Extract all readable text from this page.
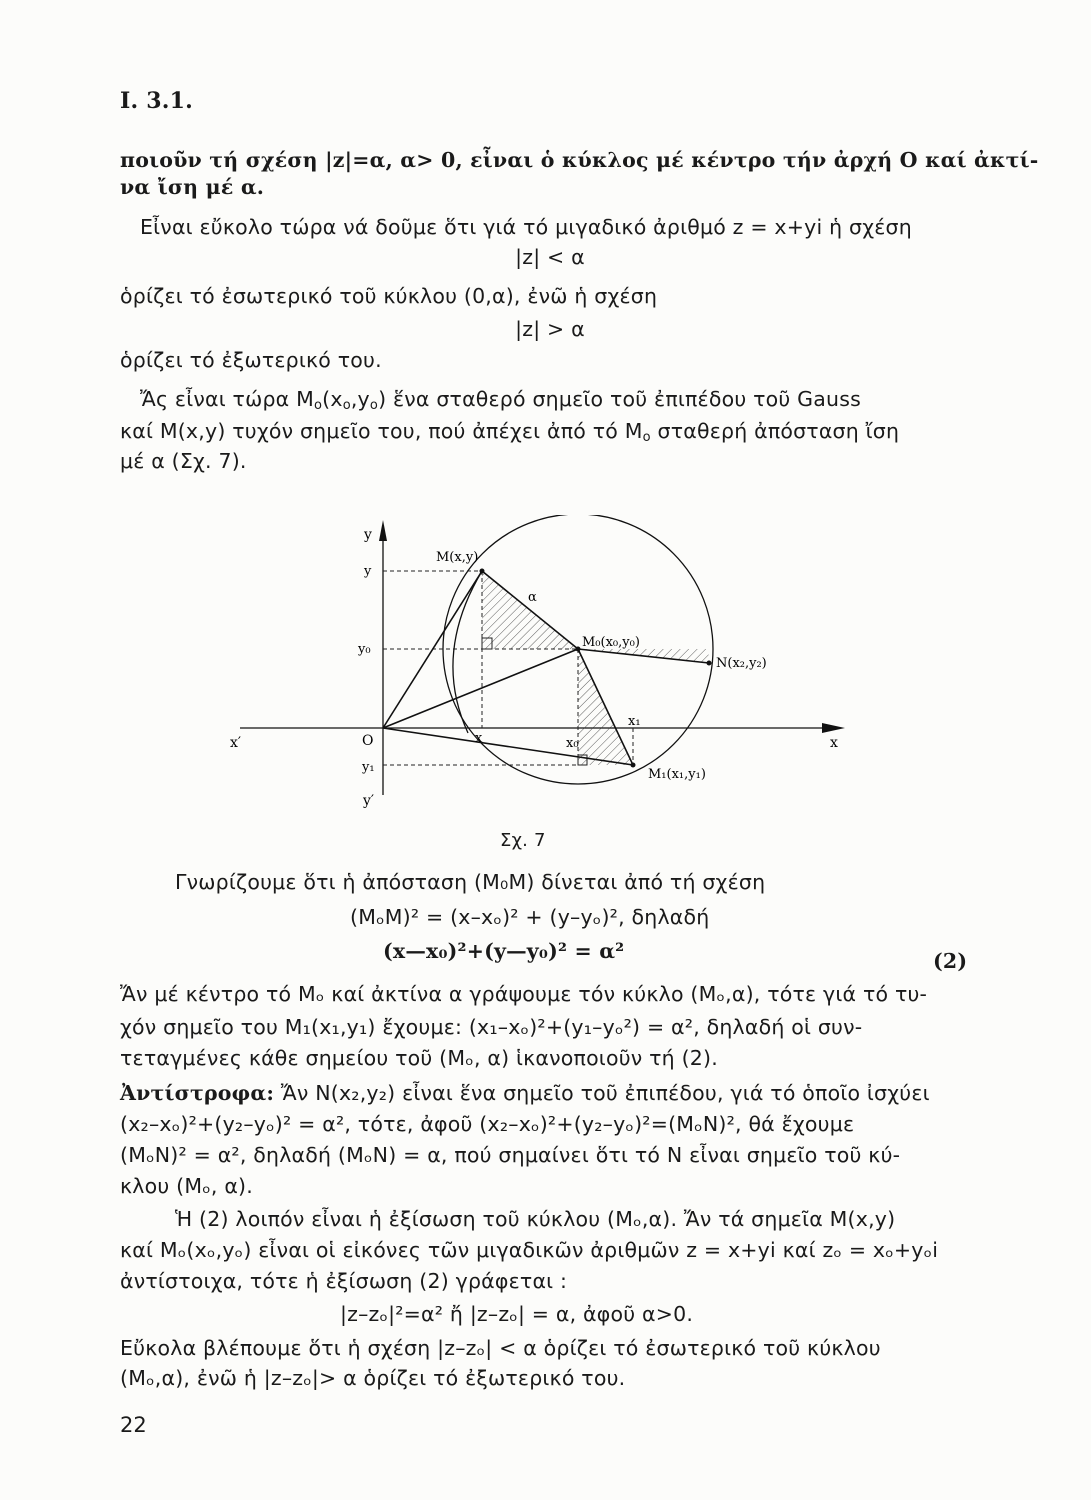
I. 3.1.
ποιοῦν τή σχέση |z|=α, α> 0, εἶναι ὁ κύκλος μέ κέντρο τήν ἀρχή O καί ἀκτί-
να ἴση μέ α.
Εἶναι εὔκολο τώρα νά δοῦμε ὅτι γιά τό μιγαδικό ἀριθμό z = x+yi ἡ σχέση
|z| < α
ὁρίζει τό ἐσωτερικό τοῦ κύκλου (0,α), ἐνῶ ἡ σχέση
|z| > α
ὁρίζει τό ἐξωτερικό του.
Ἄς εἶναι τώρα $M_o(x_o,y_o)$ ἕνα σταθερό σημεῖο τοῦ ἐπιπέδου τοῦ Gauss
καί M(x,y) τυχόν σημεῖο του, πού ἀπέχει ἀπό τό $M_o$ σταθερή ἀπόσταση ἴση
μέ α (Σχ. 7).
y
y′
x
x′	O
y
y₀
y₁
x	x₀
x₁
M(x,y)
M₀(x₀,y₀)
N(x₂,y₂)
M₁(x₁,y₁)
α
Σχ. 7
Γνωρίζουμε ὅτι ἡ ἀπόσταση (M₀M) δίνεται ἀπό τή σχέση
(MₒM)² = (x–xₒ)² + (y–yₒ)², δηλαδή
(x—x₀)²+(y—y₀)² = α²	(2)
Ἄν μέ κέντρο τό Mₒ καί ἀκτίνα α γράψουμε τόν κύκλο (Mₒ,α), τότε γιά τό τυ-
χόν σημεῖο του M₁(x₁,y₁) ἔχουμε: (x₁–xₒ)²+(y₁–yₒ²) = α², δηλαδή οἱ συν-
τεταγμένες κάθε σημείου τοῦ (Mₒ, α) ἱκανοποιοῦν τή (2).
Ἀντίστροφα: Ἄν N(x₂,y₂) εἶναι ἕνα σημεῖο τοῦ ἐπιπέδου, γιά τό ὁποῖο ἰσχύει
(x₂–xₒ)²+(y₂–yₒ)² = α², τότε, ἀφοῦ (x₂–xₒ)²+(y₂–yₒ)²=(MₒN)², θά ἔχουμε
(MₒN)² = α², δηλαδή (MₒN) = α, πού σημαίνει ὅτι τό N εἶναι σημεῖο τοῦ κύ-
κλου (Mₒ, α).
Ἡ (2) λοιπόν εἶναι ἡ ἐξίσωση τοῦ κύκλου (Mₒ,α). Ἄν τά σημεῖα M(x,y)
καί Mₒ(xₒ,yₒ) εἶναι οἱ εἰκόνες τῶν μιγαδικῶν ἀριθμῶν z = x+yi καί zₒ = xₒ+yₒi
ἀντίστοιχα, τότε ἡ ἐξίσωση (2) γράφεται :
|z–zₒ|²=α² ἤ |z–zₒ| = α, ἀφοῦ α>0.
Εὔκολα βλέπουμε ὅτι ἡ σχέση |z–zₒ| < α ὁρίζει τό ἐσωτερικό τοῦ κύκλου
(Mₒ,α), ἐνῶ ἡ |z–zₒ|> α ὁρίζει τό ἐξωτερικό του.
22
